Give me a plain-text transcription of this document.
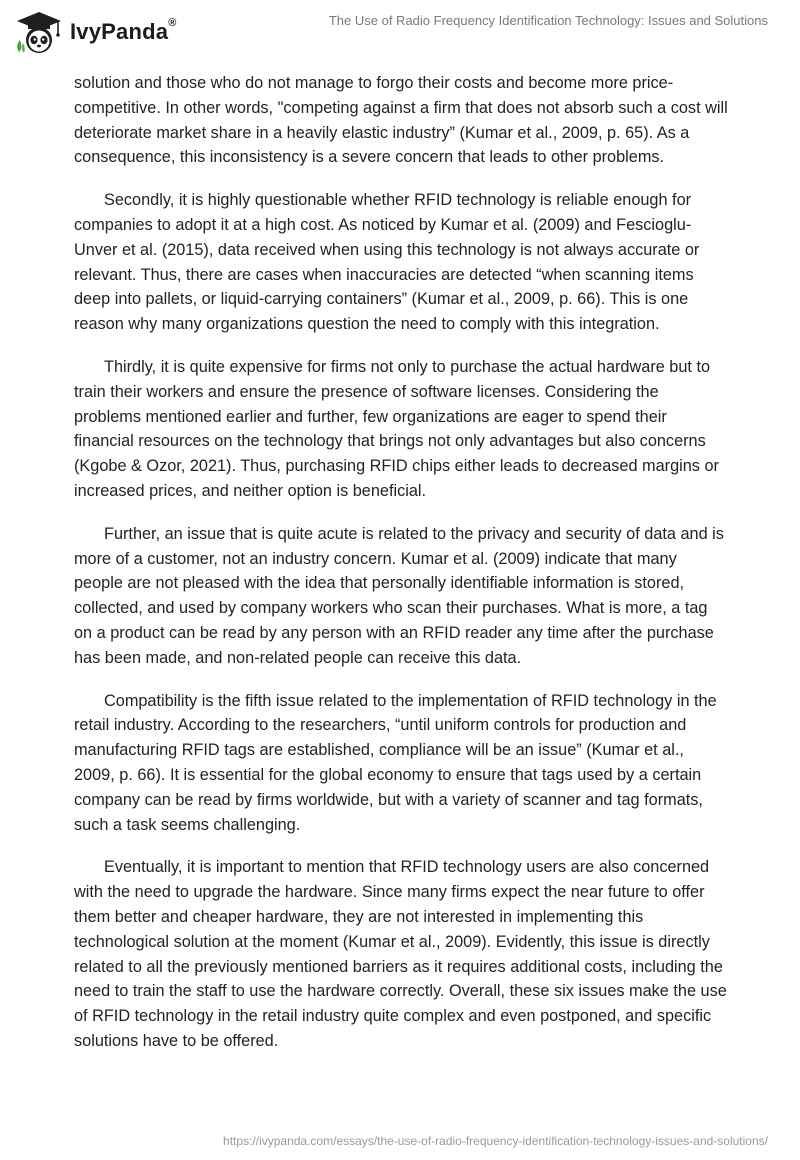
IvyPanda®	The Use of Radio Frequency Identification Technology: Issues and Solutions

solution and those who do not manage to forgo their costs and become more price-competitive. In other words, "competing against a firm that does not absorb such a cost will deteriorate market share in a heavily elastic industry” (Kumar et al., 2009, p. 65). As a consequence, this inconsistency is a severe concern that leads to other problems.

Secondly, it is highly questionable whether RFID technology is reliable enough for companies to adopt it at a high cost. As noticed by Kumar et al. (2009) and Fescioglu-Unver et al. (2015), data received when using this technology is not always accurate or relevant. Thus, there are cases when inaccuracies are detected “when scanning items deep into pallets, or liquid-carrying containers” (Kumar et al., 2009, p. 66). This is one reason why many organizations question the need to comply with this integration.

Thirdly, it is quite expensive for firms not only to purchase the actual hardware but to train their workers and ensure the presence of software licenses. Considering the problems mentioned earlier and further, few organizations are eager to spend their financial resources on the technology that brings not only advantages but also concerns (Kgobe & Ozor, 2021). Thus, purchasing RFID chips either leads to decreased margins or increased prices, and neither option is beneficial.

Further, an issue that is quite acute is related to the privacy and security of data and is more of a customer, not an industry concern. Kumar et al. (2009) indicate that many people are not pleased with the idea that personally identifiable information is stored, collected, and used by company workers who scan their purchases. What is more, a tag on a product can be read by any person with an RFID reader any time after the purchase has been made, and non-related people can receive this data.

Compatibility is the fifth issue related to the implementation of RFID technology in the retail industry. According to the researchers, “until uniform controls for production and manufacturing RFID tags are established, compliance will be an issue” (Kumar et al., 2009, p. 66). It is essential for the global economy to ensure that tags used by a certain company can be read by firms worldwide, but with a variety of scanner and tag formats, such a task seems challenging.

Eventually, it is important to mention that RFID technology users are also concerned with the need to upgrade the hardware. Since many firms expect the near future to offer them better and cheaper hardware, they are not interested in implementing this technological solution at the moment (Kumar et al., 2009). Evidently, this issue is directly related to all the previously mentioned barriers as it requires additional costs, including the need to train the staff to use the hardware correctly. Overall, these six issues make the use of RFID technology in the retail industry quite complex and even postponed, and specific solutions have to be offered.

https://ivypanda.com/essays/the-use-of-radio-frequency-identification-technology-issues-and-solutions/
